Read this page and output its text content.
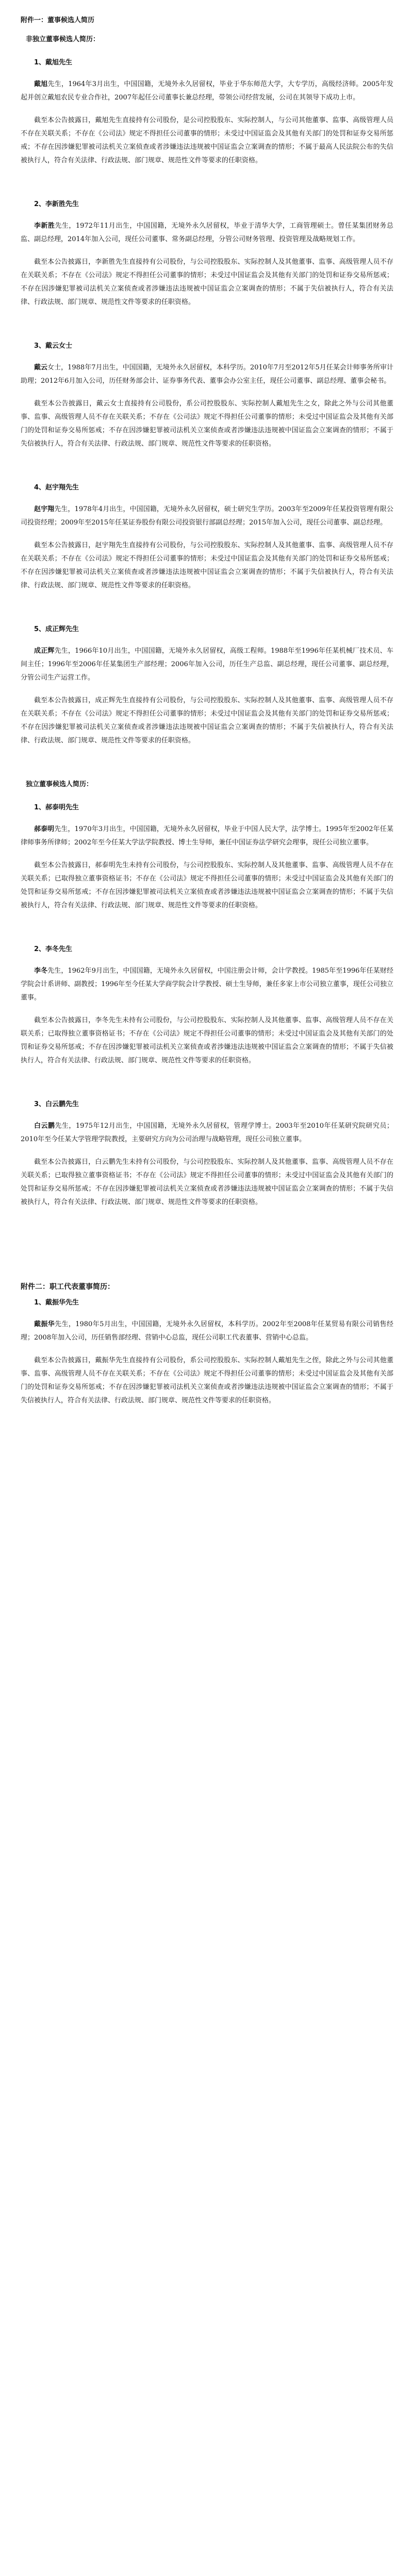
附件一：董事候选人简历
非独立董事候选人简历：
1、戴旭先生

戴旭先生，1964年3月出生，中国国籍，无境外永久居留权，毕业于华东师范大学，大专学历，高级经济师。2005年发起并创立戴旭农民专业合作社，2007年起任公司董事长兼总经理，带领公司经营发展，公司在其领导下成功上市。

截至本公告披露日，戴旭先生直接持有公司股份，是公司控股股东、实际控制人，与公司其他董事、监事、高级管理人员不存在关联关系；不存在《公司法》规定不得担任公司董事的情形；未受过中国证监会及其他有关部门的处罚和证券交易所惩戒；不存在因涉嫌犯罪被司法机关立案侦查或者涉嫌违法违规被中国证监会立案调查的情形；不属于最高人民法院公布的失信被执行人，符合有关法律、行政法规、部门规章、规范性文件等要求的任职资格。

2、李新胜先生

李新胜先生，1972年11月出生，中国国籍，无境外永久居留权，毕业于清华大学，工商管理硕士。曾任某集团财务总监、副总经理，2014年加入公司，现任公司董事、常务副总经理，分管公司财务管理、投资管理及战略规划工作。

截至本公告披露日，李新胜先生直接持有公司股份，与公司控股股东、实际控制人及其他董事、监事、高级管理人员不存在关联关系；不存在《公司法》规定不得担任公司董事的情形；未受过中国证监会及其他有关部门的处罚和证券交易所惩戒；不存在因涉嫌犯罪被司法机关立案侦查或者涉嫌违法违规被中国证监会立案调查的情形；不属于失信被执行人，符合有关法律、行政法规、部门规章、规范性文件等要求的任职资格。

3、戴云女士

戴云女士，1988年7月出生，中国国籍，无境外永久居留权，本科学历。2010年7月至2012年5月任某会计师事务所审计助理；2012年6月加入公司，历任财务部会计、证券事务代表、董事会办公室主任，现任公司董事、副总经理、董事会秘书。

截至本公告披露日，戴云女士直接持有公司股份，系公司控股股东、实际控制人戴旭先生之女，除此之外与公司其他董事、监事、高级管理人员不存在关联关系；不存在《公司法》规定不得担任公司董事的情形；未受过中国证监会及其他有关部门的处罚和证券交易所惩戒；不存在因涉嫌犯罪被司法机关立案侦查或者涉嫌违法违规被中国证监会立案调查的情形；不属于失信被执行人，符合有关法律、行政法规、部门规章、规范性文件等要求的任职资格。

4、赵宇翔先生

赵宇翔先生，1978年4月出生，中国国籍，无境外永久居留权，硕士研究生学历。2003年至2009年任某投资管理有限公司投资经理；2009年至2015年任某证券股份有限公司投资银行部副总经理；2015年加入公司，现任公司董事、副总经理。

截至本公告披露日，赵宇翔先生直接持有公司股份，与公司控股股东、实际控制人及其他董事、监事、高级管理人员不存在关联关系；不存在《公司法》规定不得担任公司董事的情形；未受过中国证监会及其他有关部门的处罚和证券交易所惩戒；不存在因涉嫌犯罪被司法机关立案侦查或者涉嫌违法违规被中国证监会立案调查的情形；不属于失信被执行人，符合有关法律、行政法规、部门规章、规范性文件等要求的任职资格。

5、成正辉先生

成正辉先生，1966年10月出生，中国国籍，无境外永久居留权，高级工程师。1988年至1996年任某机械厂技术员、车间主任；1996年至2006年任某集团生产部经理；2006年加入公司，历任生产总监、副总经理，现任公司董事、副总经理，分管公司生产运营工作。

截至本公告披露日，成正辉先生直接持有公司股份，与公司控股股东、实际控制人及其他董事、监事、高级管理人员不存在关联关系；不存在《公司法》规定不得担任公司董事的情形；未受过中国证监会及其他有关部门的处罚和证券交易所惩戒；不存在因涉嫌犯罪被司法机关立案侦查或者涉嫌违法违规被中国证监会立案调查的情形；不属于失信被执行人，符合有关法律、行政法规、部门规章、规范性文件等要求的任职资格。

独立董事候选人简历：
1、郝泰明先生

郝泰明先生，1970年3月出生，中国国籍，无境外永久居留权，毕业于中国人民大学，法学博士。1995年至2002年任某律师事务所律师；2002年至今任某大学法学院教授、博士生导师，兼任中国证券法学研究会理事，现任公司独立董事。

截至本公告披露日，郝泰明先生未持有公司股份，与公司控股股东、实际控制人及其他董事、监事、高级管理人员不存在关联关系；已取得独立董事资格证书；不存在《公司法》规定不得担任公司董事的情形；未受过中国证监会及其他有关部门的处罚和证券交易所惩戒；不存在因涉嫌犯罪被司法机关立案侦查或者涉嫌违法违规被中国证监会立案调查的情形；不属于失信被执行人，符合有关法律、行政法规、部门规章、规范性文件等要求的任职资格。

2、李冬先生

李冬先生，1962年9月出生，中国国籍，无境外永久居留权，中国注册会计师，会计学教授。1985年至1996年任某财经学院会计系讲师、副教授；1996年至今任某大学商学院会计学教授、硕士生导师，兼任多家上市公司独立董事，现任公司独立董事。

截至本公告披露日，李冬先生未持有公司股份，与公司控股股东、实际控制人及其他董事、监事、高级管理人员不存在关联关系；已取得独立董事资格证书；不存在《公司法》规定不得担任公司董事的情形；未受过中国证监会及其他有关部门的处罚和证券交易所惩戒；不存在因涉嫌犯罪被司法机关立案侦查或者涉嫌违法违规被中国证监会立案调查的情形；不属于失信被执行人，符合有关法律、行政法规、部门规章、规范性文件等要求的任职资格。

3、白云鹏先生

白云鹏先生，1975年12月出生，中国国籍，无境外永久居留权，管理学博士。2003年至2010年任某研究院研究员；2010年至今任某大学管理学院教授，主要研究方向为公司治理与战略管理，现任公司独立董事。

截至本公告披露日，白云鹏先生未持有公司股份，与公司控股股东、实际控制人及其他董事、监事、高级管理人员不存在关联关系；已取得独立董事资格证书；不存在《公司法》规定不得担任公司董事的情形；未受过中国证监会及其他有关部门的处罚和证券交易所惩戒；不存在因涉嫌犯罪被司法机关立案侦查或者涉嫌违法违规被中国证监会立案调查的情形；不属于失信被执行人，符合有关法律、行政法规、部门规章、规范性文件等要求的任职资格。

附件二：职工代表董事简历：
1、戴振华先生

戴振华先生，1980年5月出生，中国国籍，无境外永久居留权，本科学历。2002年至2008年任某贸易有限公司销售经理；2008年加入公司，历任销售部经理、营销中心总监，现任公司职工代表董事、营销中心总监。

截至本公告披露日，戴振华先生直接持有公司股份，系公司控股股东、实际控制人戴旭先生之侄，除此之外与公司其他董事、监事、高级管理人员不存在关联关系；不存在《公司法》规定不得担任公司董事的情形；未受过中国证监会及其他有关部门的处罚和证券交易所惩戒；不存在因涉嫌犯罪被司法机关立案侦查或者涉嫌违法违规被中国证监会立案调查的情形；不属于失信被执行人，符合有关法律、行政法规、部门规章、规范性文件等要求的任职资格。
